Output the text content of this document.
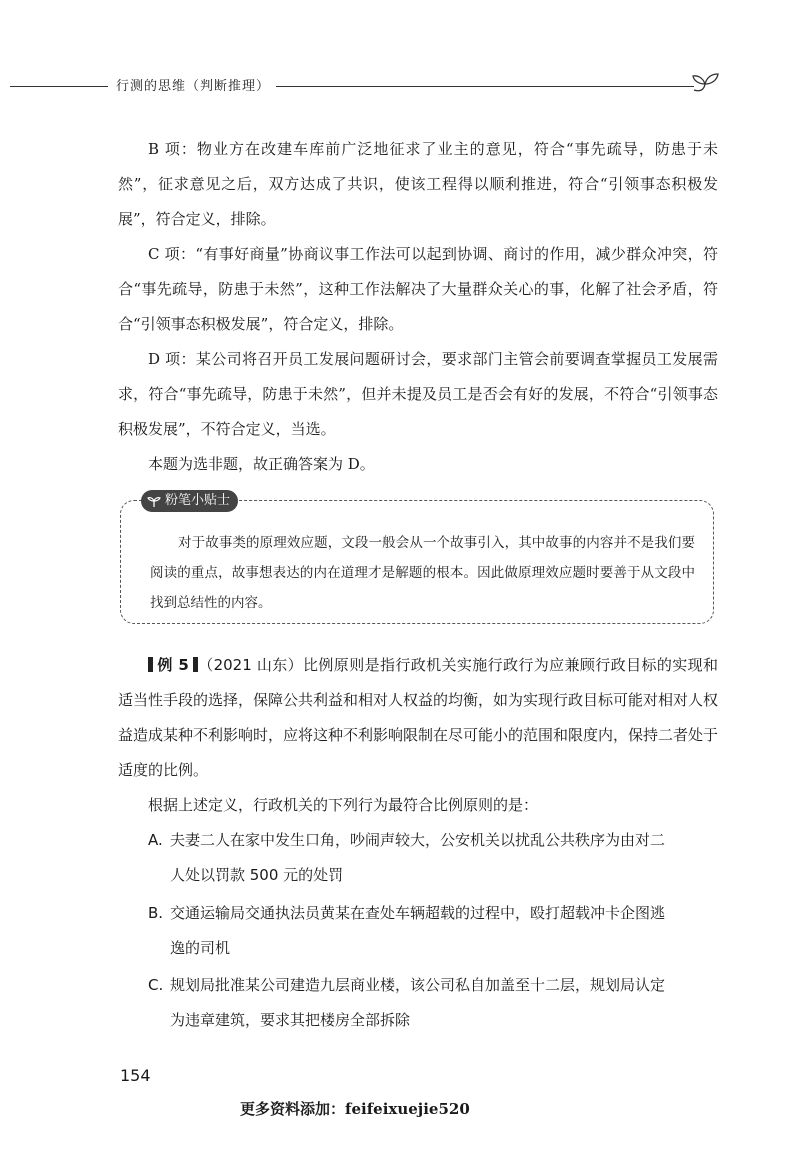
行测的思维（判断推理）

B 项：物业方在改建车库前广泛地征求了业主的意见，符合“事先疏导，防患于未然”，征求意见之后，双方达成了共识，使该工程得以顺利推进，符合“引领事态积极发展”，符合定义，排除。

C 项：“有事好商量”协商议事工作法可以起到协调、商讨的作用，减少群众冲突，符合“事先疏导，防患于未然”，这种工作法解决了大量群众关心的事，化解了社会矛盾，符合“引领事态积极发展”，符合定义，排除。

D 项：某公司将召开员工发展问题研讨会，要求部门主管会前要调查掌握员工发展需求，符合“事先疏导，防患于未然”，但并未提及员工是否会有好的发展，不符合“引领事态积极发展”，不符合定义，当选。

本题为选非题，故正确答案为 D。

粉笔小贴士

对于故事类的原理效应题，文段一般会从一个故事引入，其中故事的内容并不是我们要阅读的重点，故事想表达的内在道理才是解题的根本。因此做原理效应题时要善于从文段中找到总结性的内容。

例 5 （2021 山东）比例原则是指行政机关实施行政行为应兼顾行政目标的实现和适当性手段的选择，保障公共利益和相对人权益的均衡，如为实现行政目标可能对相对人权益造成某种不利影响时，应将这种不利影响限制在尽可能小的范围和限度内，保持二者处于适度的比例。

根据上述定义，行政机关的下列行为最符合比例原则的是：

A. 夫妻二人在家中发生口角，吵闹声较大，公安机关以扰乱公共秩序为由对二
人处以罚款 500 元的处罚
B. 交通运输局交通执法员黄某在查处车辆超载的过程中，殴打超载冲卡企图逃
逸的司机
C. 规划局批准某公司建造九层商业楼，该公司私自加盖至十二层，规划局认定
为违章建筑，要求其把楼房全部拆除
154
更多资料添加：feifeixuejie520
